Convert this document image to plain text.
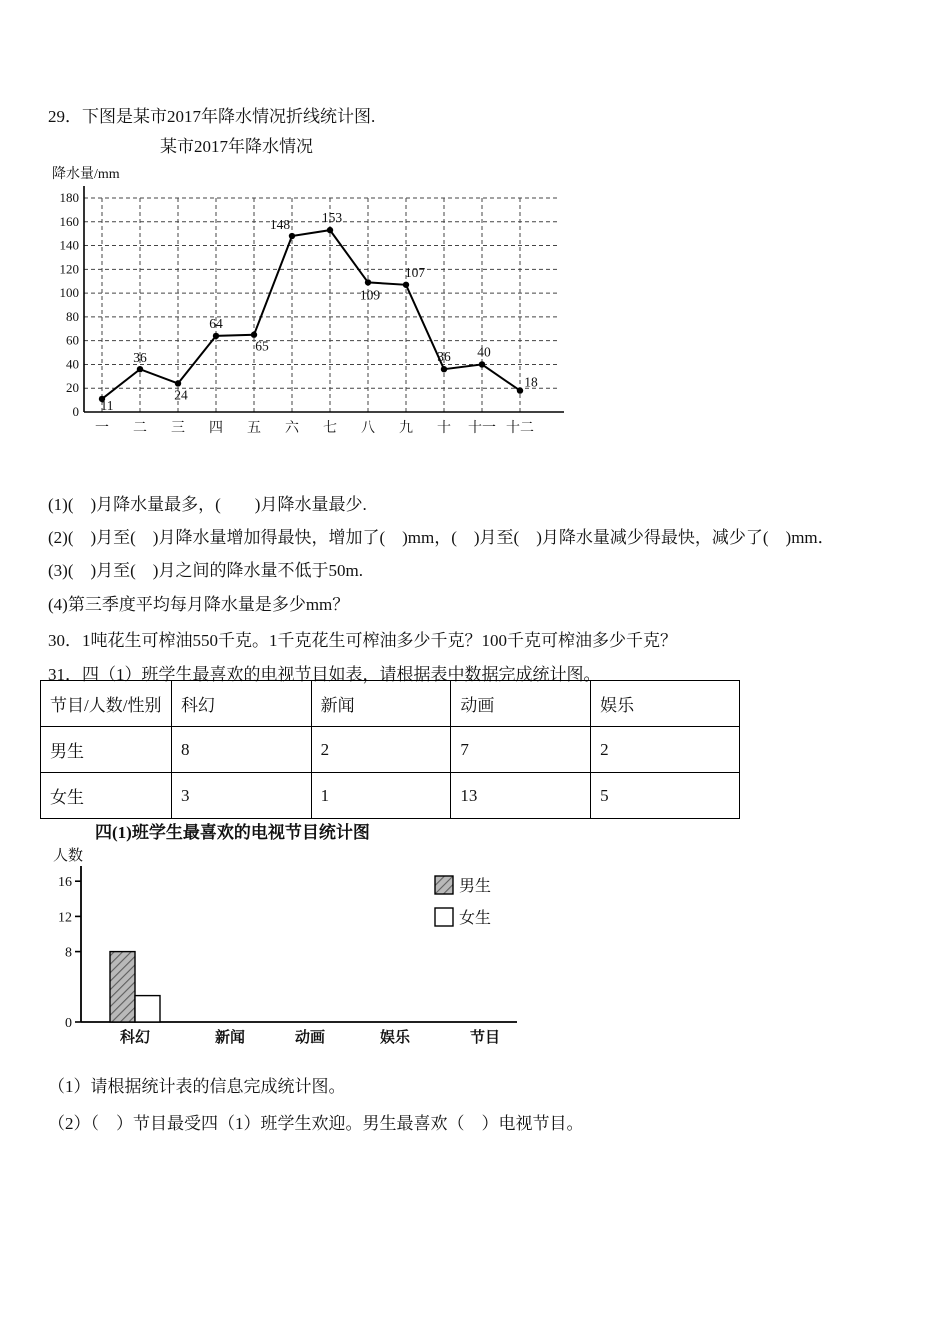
29．下图是某市2017年降水情况折线统计图.

某市2017年降水情况
降水量/mm
0
20
40
60
80
100
120
140
160
180
一 二 三 四 五 六 七 八 九 十 十一 十二
11
36
24
64
65
148 153
109
107
36 40
18

(1)(　)月降水量最多，(　　)月降水量最少.

(2)(　)月至(　)月降水量增加得最快，增加了(　)mm，(　)月至(　)月降水量减少得最快，减少了(　)mm．

(3)(　)月至(　)月之间的降水量不低于50m.

(4)第三季度平均每月降水量是多少mm？

30．1吨花生可榨油550千克。1千克花生可榨油多少千克？100千克可榨油多少千克？

31．四（1）班学生最喜欢的电视节目如表，请根据表中数据完成统计图。

节目/人数/性别	科幻	新闻	动画	娱乐
男生	8	2	7	2
女生	3	1	13	5
四(1)班学生最喜欢的电视节目统计图
人数
16
12
8
0
科幻	新闻	动画	娱乐	节目
男生
女生

（1）请根据统计表的信息完成统计图。

（2）（　）节目最受四（1）班学生欢迎。男生最喜欢（　）电视节目。
